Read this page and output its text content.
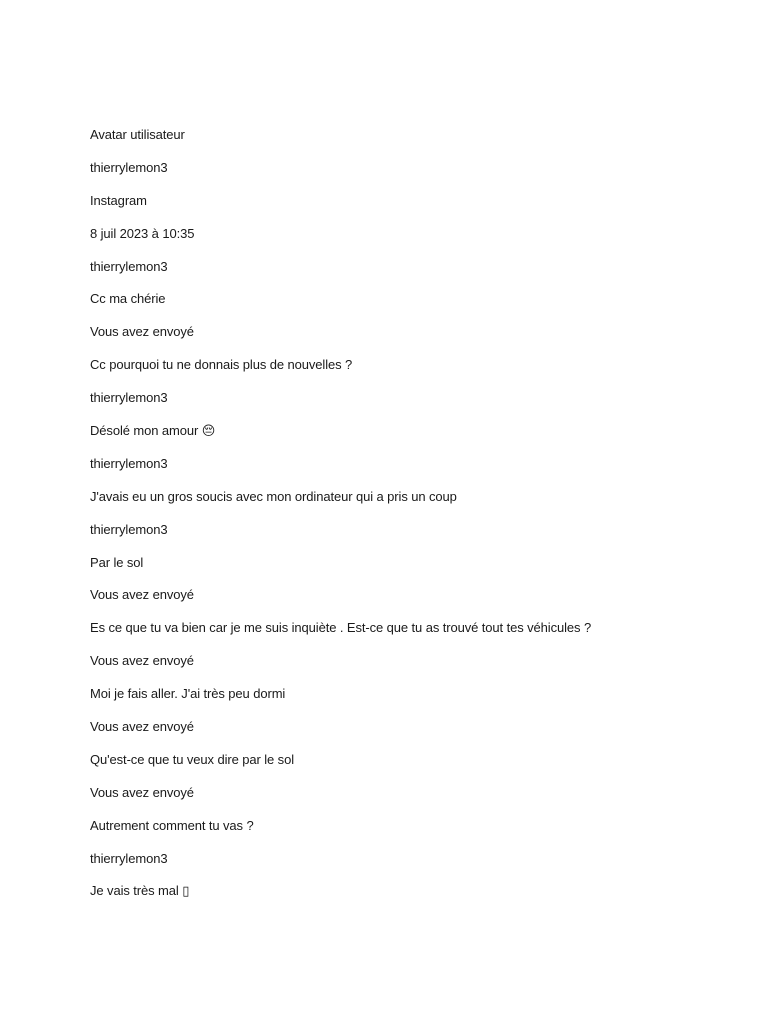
Avatar utilisateur

thierrylemon3

Instagram

8 juil 2023 à 10:35

thierrylemon3

Cc ma chérie

Vous avez envoyé

Cc pourquoi tu ne donnais plus de nouvelles ?

thierrylemon3

Désolé mon amour 😔

thierrylemon3

J'avais eu un gros soucis avec mon ordinateur qui a pris un coup

thierrylemon3

Par le sol

Vous avez envoyé

Es ce que tu va bien car je me suis inquiète . Est-ce que tu as trouvé tout tes véhicules ?

Vous avez envoyé

Moi je fais aller. J'ai très peu dormi

Vous avez envoyé

Qu'est-ce que tu veux dire par le sol

Vous avez envoyé

Autrement comment tu vas ?

thierrylemon3

Je vais très mal ▯
